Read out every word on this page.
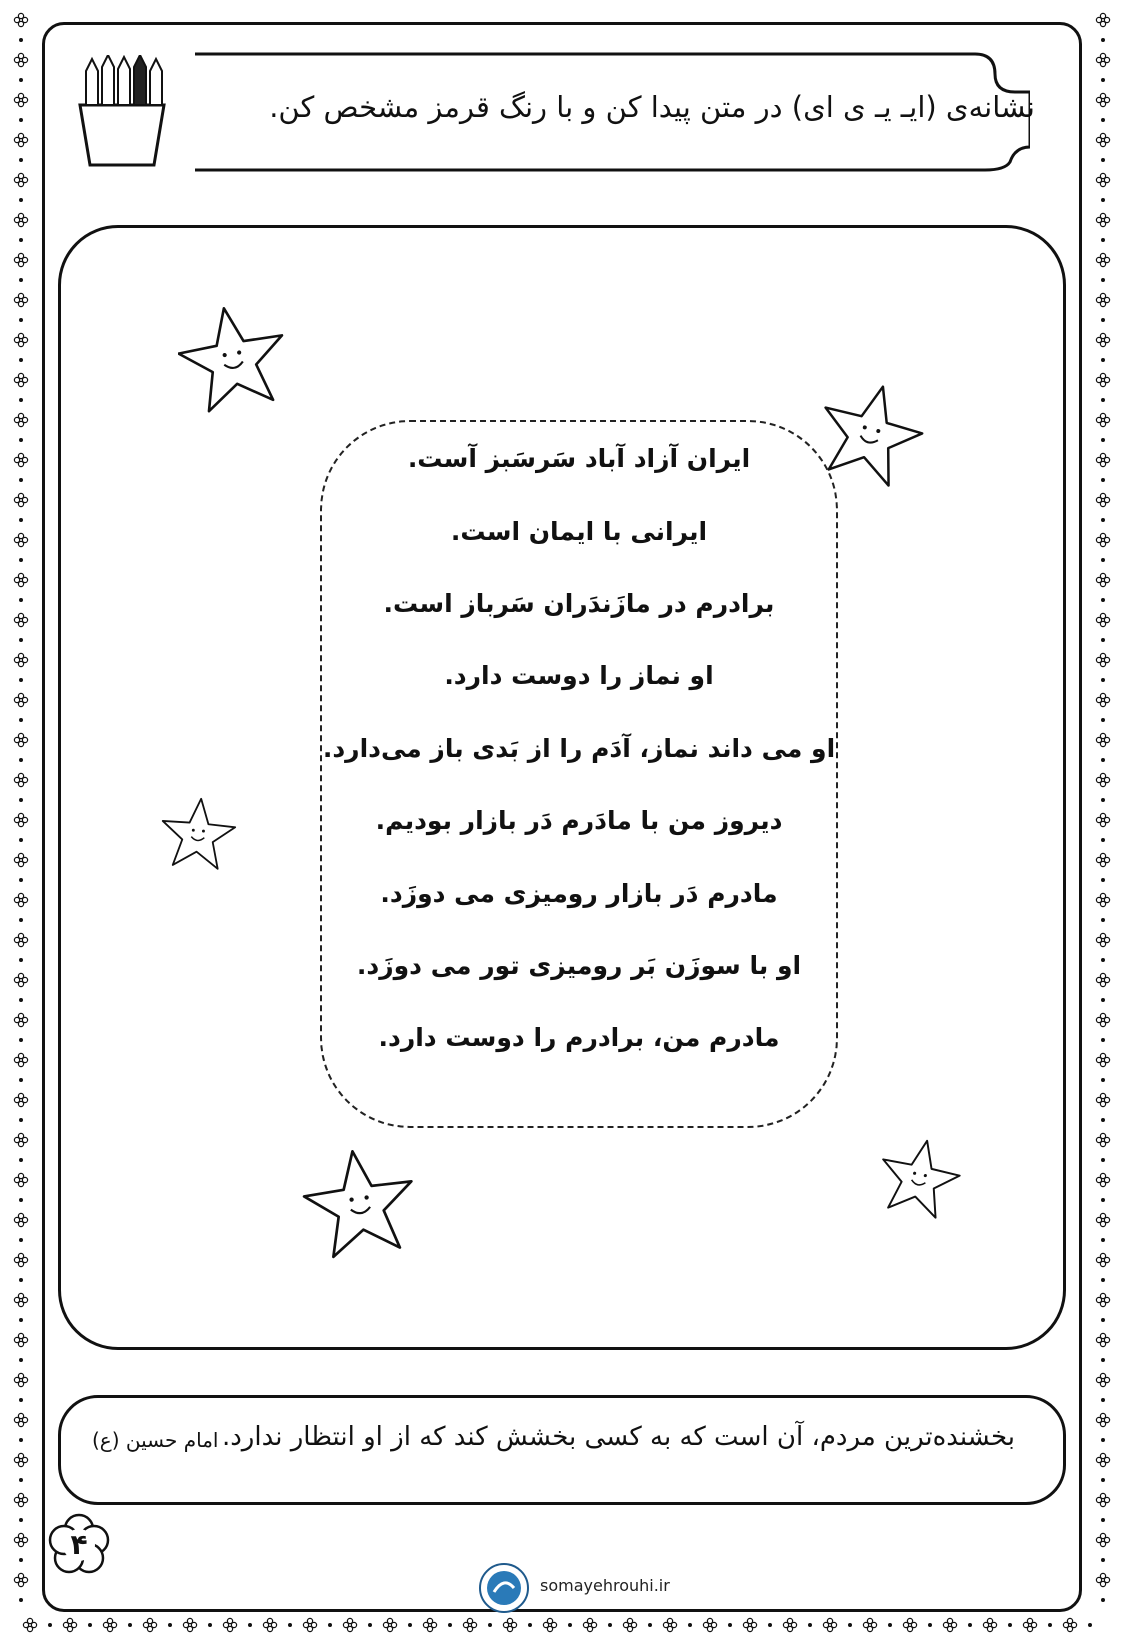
نشانه‌ی (ایـ یـ ی ای) در متن پیدا کن و با رنگ قرمز مشخص کن.
ایران آزاد آباد سَرسَبز آست.
ایرانی با ایمان است.
برادرم در مازَندَران سَرباز است.
او نماز را دوست دارد.
او می داند نماز، آدَم را از بَدی باز می‌دارد.
دیروز من با مادَرم دَر بازار بودیم.
مادرم دَر بازار رومیزی می دوزَد.
او با سوزَن بَر رومیزی تور می دوزَد.
مادرم من، برادرم را دوست دارد.
بخشنده‌ترین مردم، آن است که به کسی بخشش کند که از او انتظار ندارد.
امام حسین (ع)
۴
somayehrouhi.ir
